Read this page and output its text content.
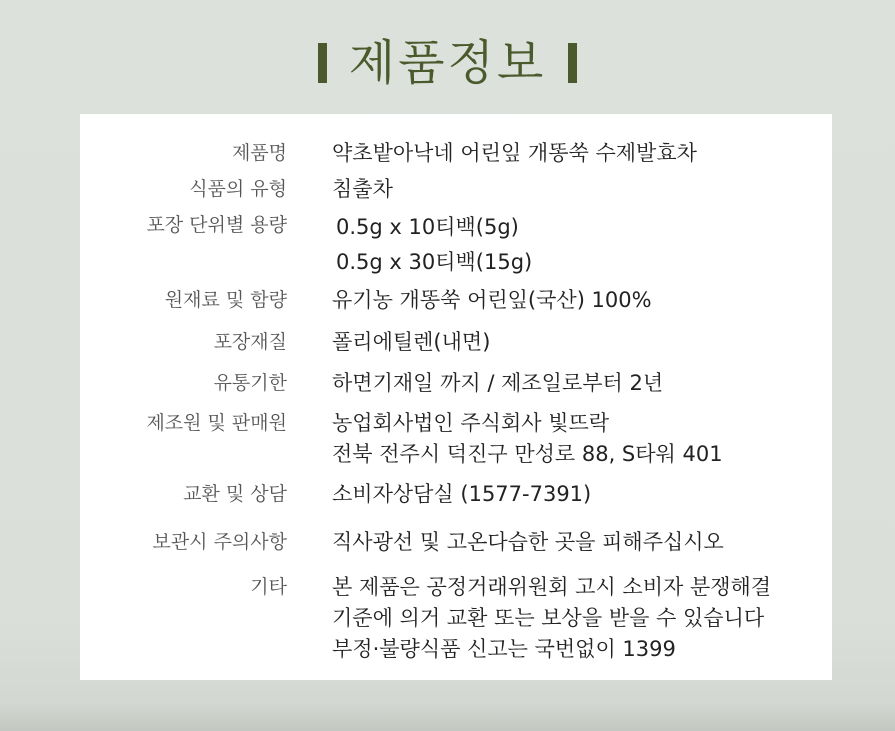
제품정보
제품명 약초밭아낙네 어린잎 개똥쑥 수제발효차
식품의 유형 침출차
포장 단위별 용량 0.5g x 10티백(5g)
0.5g x 30티백(15g)
원재료 및 함량 유기농 개똥쑥 어린잎(국산) 100%
포장재질 폴리에틸렌(내면)
유통기한 하면기재일 까지 / 제조일로부터 2년
제조원 및 판매원 농업회사법인 주식회사 빛뜨락
전북 전주시 덕진구 만성로 88, S타워 401
교환 및 상담 소비자상담실 (1577-7391)
보관시 주의사항 직사광선 및 고온다습한 곳을 피해주십시오
기타 본 제품은 공정거래위원회 고시 소비자 분쟁해결
기준에 의거 교환 또는 보상을 받을 수 있습니다
부정·불량식품 신고는 국번없이 1399
